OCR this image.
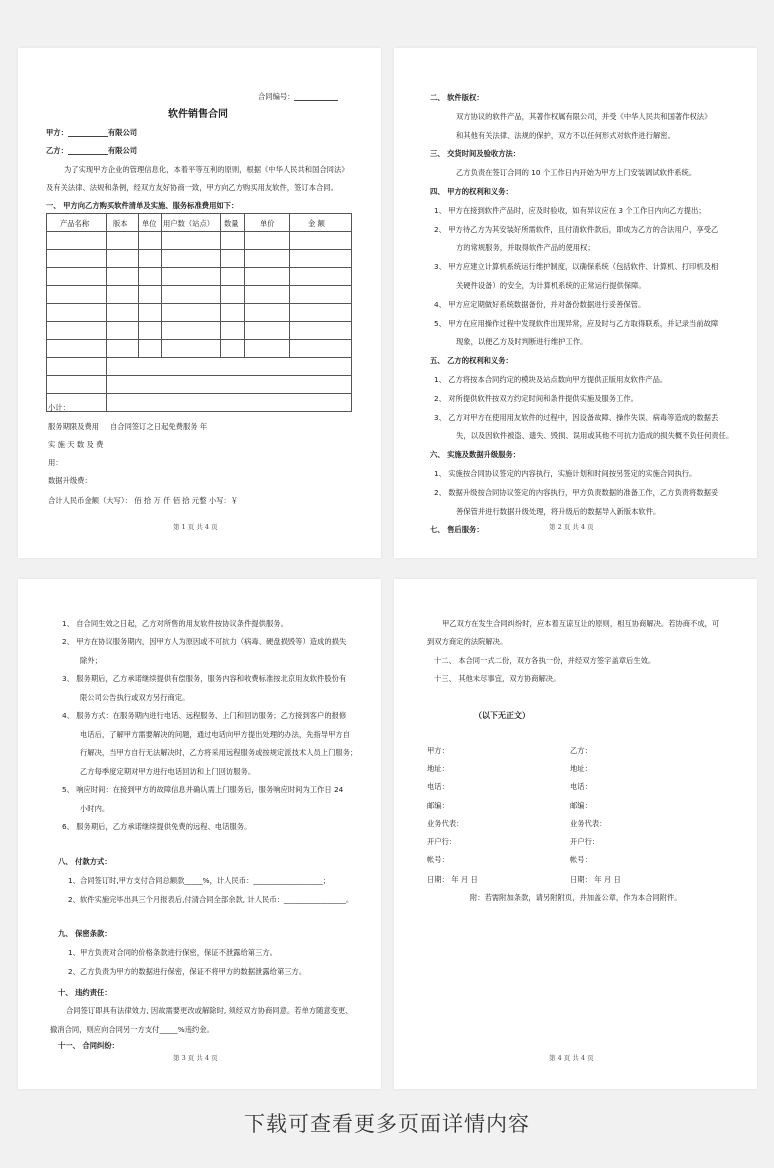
合同编号：
软件销售合同
甲方：	有限公司
乙方：	有限公司
为了实现甲方企业的管理信息化，本着平等互利的原则，根据《中华人民共和国合同法》
及有关法律、法规和条例，经双方友好协商一致，甲方向乙方购买用友软件，签订本合同。
一、 甲方向乙方购买软件清单及实施、服务标准费用如下：
产品名称	版本 单位 用户数（站点） 数量	单价	金 额
小计：
服务期限及费用 自合同签订之日起免费服务 年
实 施 天 数 及 费
用：
数据升级费：
合计人民币金额（大写）： 佰 拾 万 仟 佰 拾 元整 小写：￥
第 1 页 共 4 页
二、 软件版权：
双方协议的软件产品，其著作权属有限公司，并受《中华人民共和国著作权法》
和其他有关法律、法规的保护，双方不以任何形式对软件进行解密。
三、 交货时间及验收方法：
乙方负责在签订合同的 10 个工作日内开始为甲方上门安装调试软件系统。
四、 甲方的权利和义务：
1、 甲方在接到软件产品时，应及时验收，如有异议应在 3 个工作日内向乙方提出；
2、 甲方待乙方为其安装好所需软件，且付清软件款后，即成为乙方的合法用户，享受乙
方的常规服务，并取得软件产品的使用权；
3、 甲方应建立计算机系统运行维护制度，以确保系统（包括软件、计算机、打印机及相
关硬件设备）的安全，为计算机系统的正常运行提供保障。
4、 甲方应定期做好系统数据备份，并对备份数据进行妥善保管。
5、 甲方在应用操作过程中发现软件出现异常，应及时与乙方取得联系，并记录当前故障
现象，以便乙方及时判断进行维护工作。
五、 乙方的权利和义务：
1、 乙方将按本合同约定的模块及站点数向甲方提供正版用友软件产品。
2、 对所提供软件按双方约定时间和条件提供实施及服务工作。
3、 乙方对甲方在使用用友软件的过程中，因设备故障、操作失误、病毒等造成的数据丢
失，以及因软件被盗、遗失、毁损、误用或其他不可抗力造成的损失概不负任何责任。
六、 实施及数据升级服务：
1、 实施按合同协议签定的内容执行，实施计划和时间按另签定的实施合同执行。
2、 数据升级按合同协议签定的内容执行，甲方负责数据的准备工作，乙方负责将数据妥
善保管并进行数据升级处理，将升级后的数据导入新版本软件。
七、 售后服务：	第 2 页 共 4 页
1、 自合同生效之日起，乙方对所售的用友软件按协议条件提供服务。
2、 甲方在协议服务期内，因甲方人为原因或不可抗力（病毒、硬盘损毁等）造成的损失
除外；
3、 服务期后，乙方承诺继续提供有偿服务，服务内容和收费标准按北京用友软件股份有
限公司公告执行或双方另行商定。
4、 服务方式：在服务期内进行电话、远程服务、上门和回访服务；乙方接到客户的报修
电话后，了解甲方需要解决的问题，通过电话向甲方提出处理的办法，先指导甲方自
行解决，当甲方自行无法解决时，乙方将采用远程服务或按规定派技术人员上门服务；
乙方每季度定期对甲方进行电话回访和上门回访服务。
5、 响应时间：在接到甲方的故障信息并确认需上门服务后，服务响应时间为工作日 24
小时内。
6、 服务期后，乙方承诺继续提供免费的远程、电话服务。
八、 付款方式：
1、合同签订时,甲方支付合同总额款_____%，计人民币：___________________；
2、软件实施完毕出具三个月报表后,付清合同全部余款, 计人民币：_________________。
九、 保密条款：
1、甲方负责对合同的价格条款进行保密，保证不泄露给第三方。
2、乙方负责为甲方的数据进行保密，保证不将甲方的数据泄露给第三方。
十、 违约责任：
合同签订即具有法律效力, 因故需要更改或解除时, 须经双方协商同意。若单方随意变更、
撤消合同，则应向合同另一方支付_____%违约金。
十一、 合同纠纷：
第 3 页 共 4 页
甲乙双方在发生合同纠纷时，应本着互谅互让的原则，相互协商解决。若协商不成，可
到双方商定的法院解决。
十二、 本合同一式二份，双方各执一份，并经双方签字盖章后生效。
十三、 其他未尽事宜，双方协商解决。
（以下无正文）
甲方：	乙方：
地址：	地址：
电话：	电话：
邮编：	邮编：
业务代表：	业务代表：
开户行：	开户行：
帐号：	帐号：
日期： 年 月 日	日期： 年 月 日
附：若需附加条款，请另附附页，并加盖公章，作为本合同附件。
第 4 页 共 4 页
下载可查看更多页面详情内容
